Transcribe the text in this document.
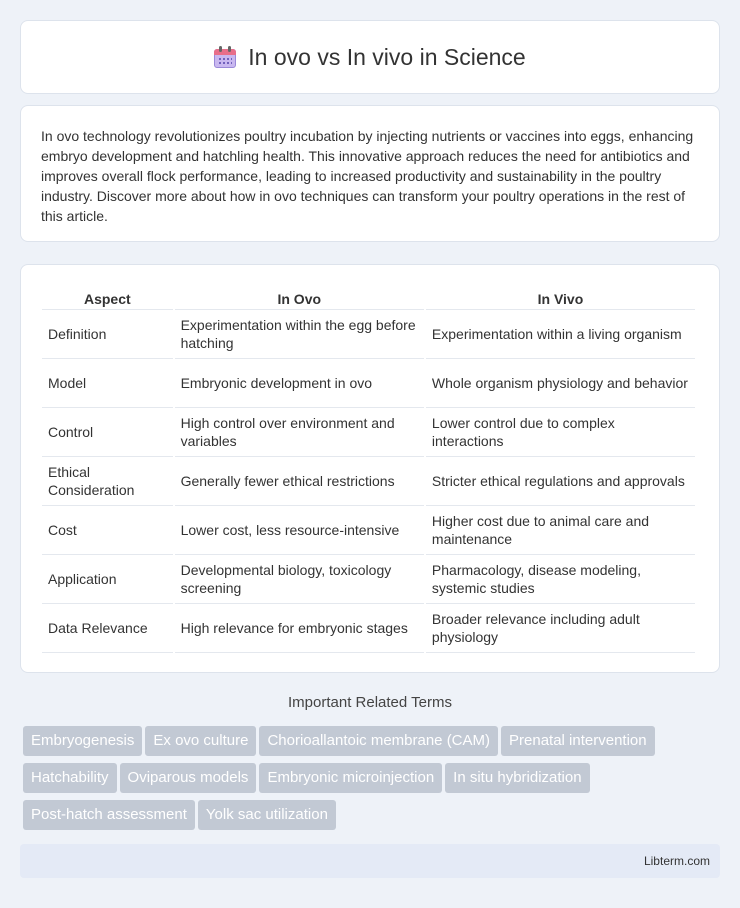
In ovo vs In vivo in Science

In ovo technology revolutionizes poultry incubation by injecting nutrients or vaccines into eggs, enhancing embryo development and hatchling health. This innovative approach reduces the need for antibiotics and improves overall flock performance, leading to increased productivity and sustainability in the poultry industry. Discover more about how in ovo techniques can transform your poultry operations in the rest of this article.

Aspect	In Ovo	In Vivo
Definition	Experimentation within the egg before hatching	Experimentation within a living organism
Model	Embryonic development in ovo	Whole organism physiology and behavior
Control	High control over environment and variables	Lower control due to complex interactions
Ethical Consideration	Generally fewer ethical restrictions	Stricter ethical regulations and approvals
Cost	Lower cost, less resource-intensive	Higher cost due to animal care and maintenance
Application	Developmental biology, toxicology screening	Pharmacology, disease modeling, systemic studies
Data Relevance	High relevance for embryonic stages	Broader relevance including adult physiology
Important Related Terms
Embryogenesis Ex ovo culture Chorioallantoic membrane (CAM) Prenatal intervention
Hatchability Oviparous models Embryonic microinjection In situ hybridization
Post-hatch assessment Yolk sac utilization
Libterm.com
